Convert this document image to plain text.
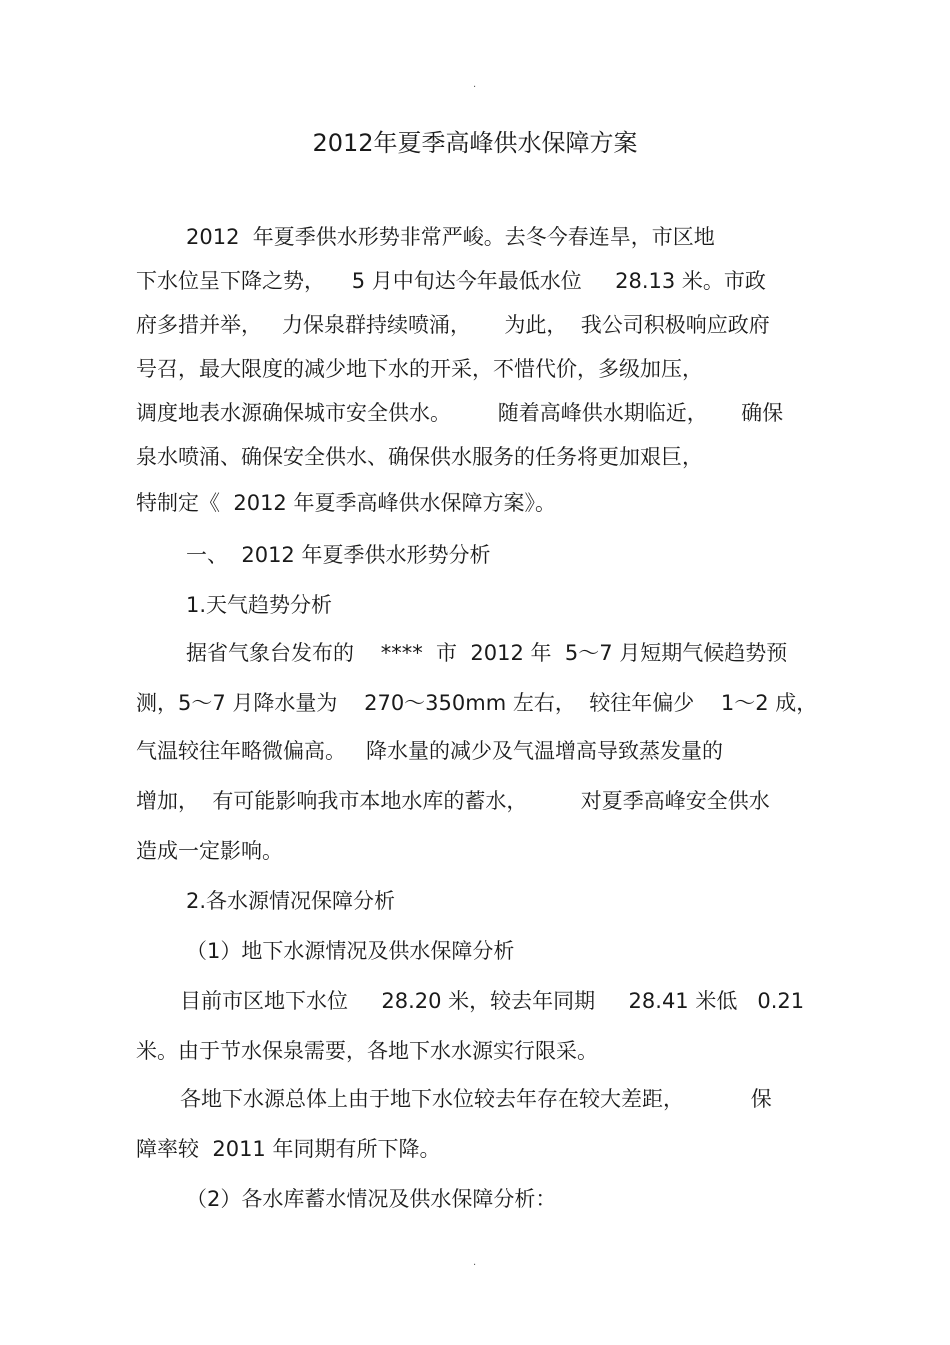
.
2012年夏季高峰供水保障方案

2012  年夏季供水形势非常严峻。去冬今春连旱，市区地

下水位呈下降之势，    5 月中旬达今年最低水位     28.13 米。市政

府多措并举，   力保泉群持续喷涌，     为此，  我公司积极响应政府

号召，最大限度的减少地下水的开采，不惜代价，多级加压，

调度地表水源确保城市安全供水。       随着高峰供水期临近，     确保

泉水喷涌、确保安全供水、确保供水服务的任务将更加艰巨，

特制定《  2012 年夏季高峰供水保障方案》。

一、  2012 年夏季供水形势分析

1.天气趋势分析

据省气象台发布的    ****  市  2012 年  5～7 月短期气候趋势预

测，5～7 月降水量为    270～350mm 左右，  较往年偏少    1～2 成，

气温较往年略微偏高。   降水量的减少及气温增高导致蒸发量的

增加，  有可能影响我市本地水库的蓄水，        对夏季高峰安全供水

造成一定影响。

2.各水源情况保障分析

（1）地下水源情况及供水保障分析

目前市区地下水位     28.20 米，较去年同期     28.41 米低   0.21

米。由于节水保泉需要，各地下水水源实行限采。

各地下水源总体上由于地下水位较去年存在较大差距，          保

障率较  2011 年同期有所下降。

（2）各水库蓄水情况及供水保障分析：

.
